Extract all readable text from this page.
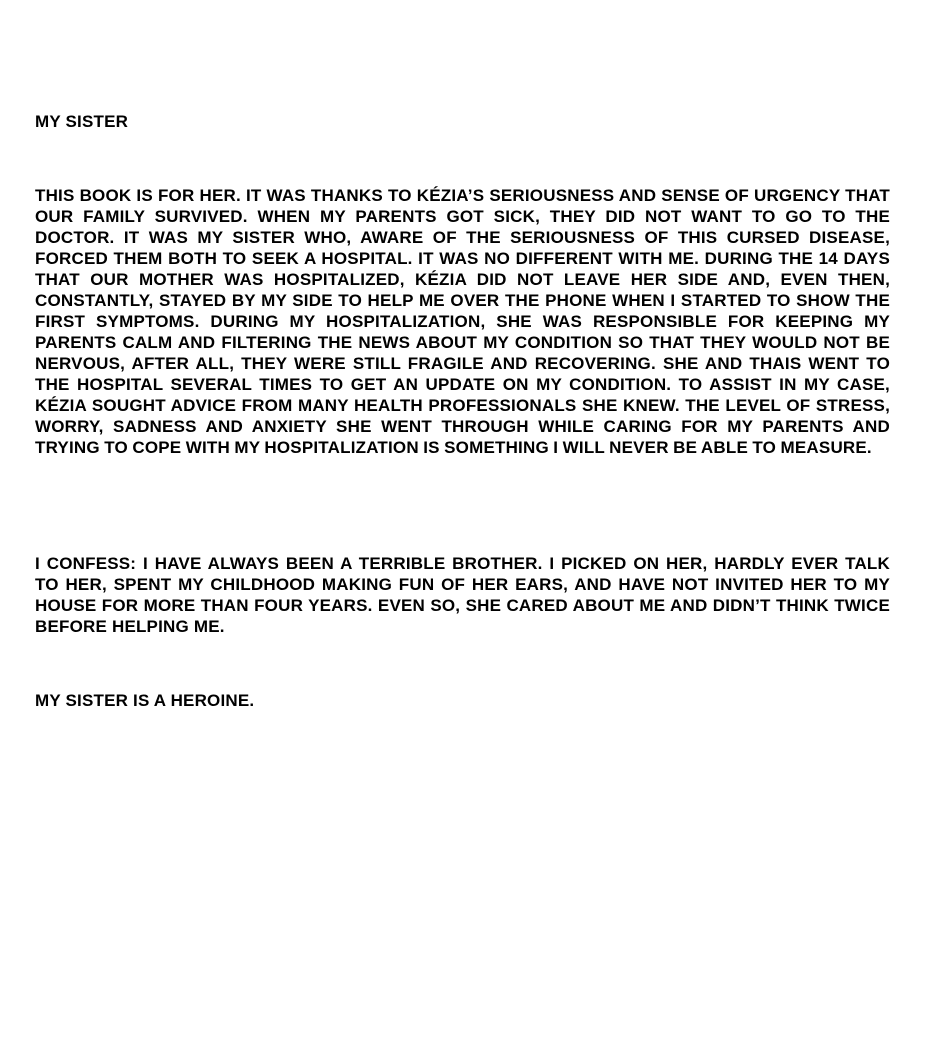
MY SISTER

THIS BOOK IS FOR HER. IT WAS THANKS TO KÉZIA’S SERIOUSNESS AND SENSE OF URGENCY THAT OUR FAMILY SURVIVED. WHEN MY PARENTS GOT SICK, THEY DID NOT WANT TO GO TO THE DOCTOR. IT WAS MY SISTER WHO, AWARE OF THE SERIOUSNESS OF THIS CURSED DISEASE, FORCED THEM BOTH TO SEEK A HOSPITAL. IT WAS NO DIFFERENT WITH ME. DURING THE 14 DAYS THAT OUR MOTHER WAS HOSPITALIZED, KÉZIA DID NOT LEAVE HER SIDE AND, EVEN THEN, CONSTANTLY, STAYED BY MY SIDE TO HELP ME OVER THE PHONE WHEN I STARTED TO SHOW THE FIRST SYMPTOMS. DURING MY HOSPITALIZATION, SHE WAS RESPONSIBLE FOR KEEPING MY PARENTS CALM AND FILTERING THE NEWS ABOUT MY CONDITION SO THAT THEY WOULD NOT BE NERVOUS, AFTER ALL, THEY WERE STILL FRAGILE AND RECOVERING. SHE AND THAIS WENT TO THE HOSPITAL SEVERAL TIMES TO GET AN UPDATE ON MY CONDITION. TO ASSIST IN MY CASE, KÉZIA SOUGHT ADVICE FROM MANY HEALTH PROFESSIONALS SHE KNEW. THE LEVEL OF STRESS, WORRY, SADNESS AND ANXIETY SHE WENT THROUGH WHILE CARING FOR MY PARENTS AND TRYING TO COPE WITH MY HOSPITALIZATION IS SOMETHING I WILL NEVER BE ABLE TO MEASURE.

I CONFESS: I HAVE ALWAYS BEEN A TERRIBLE BROTHER. I PICKED ON HER, HARDLY EVER TALK TO HER, SPENT MY CHILDHOOD MAKING FUN OF HER EARS, AND HAVE NOT INVITED HER TO MY HOUSE FOR MORE THAN FOUR YEARS. EVEN SO, SHE CARED ABOUT ME AND DIDN’T THINK TWICE BEFORE HELPING ME.

MY SISTER IS A HEROINE.
